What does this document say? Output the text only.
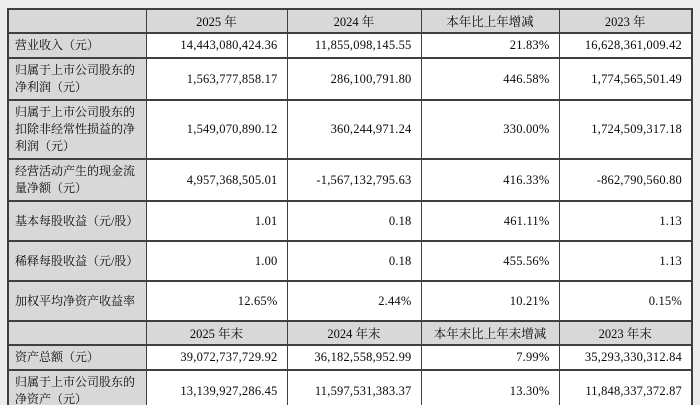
	2025 年	2024 年	本年比上年增减	2023 年
营业收入（元）	14,443,080,424.36	11,855,098,145.55	21.83%	16,628,361,009.42
归属于上市公司股东的净利润（元）	1,563,777,858.17	286,100,791.80	446.58%	1,774,565,501.49
归属于上市公司股东的扣除非经常性损益的净利润（元）	1,549,070,890.12	360,244,971.24	330.00%	1,724,509,317.18
经营活动产生的现金流量净额（元）	4,957,368,505.01	-1,567,132,795.63	416.33%	-862,790,560.80
基本每股收益（元/股）	1.01	0.18	461.11%	1.13
稀释每股收益（元/股）	1.00	0.18	455.56%	1.13
加权平均净资产收益率	12.65%	2.44%	10.21%	0.15%
	2025 年末	2024 年末	本年末比上年末增减	2023 年末
资产总额（元）	39,072,737,729.92	36,182,558,952.99	7.99%	35,293,330,312.84
归属于上市公司股东的净资产（元）	13,139,927,286.45	11,597,531,383.37	13.30%	11,848,337,372.87
